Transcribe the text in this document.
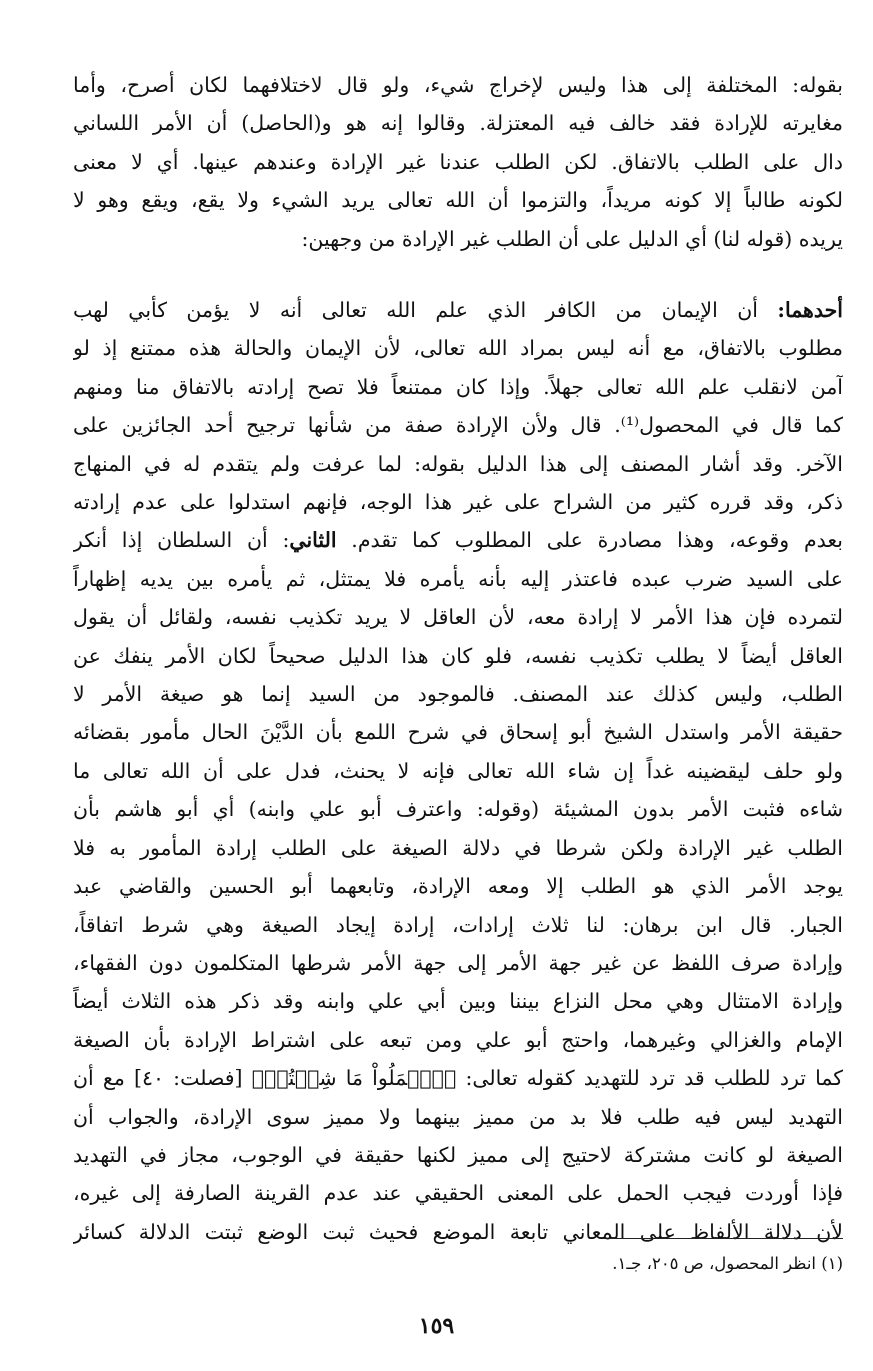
بقوله: المختلفة إلى هذا وليس لإخراج شيء، ولو قال لاختلافهما لكان أصرح، وأما
مغايرته للإرادة فقد خالف فيه المعتزلة. وقالوا إنه هو و(الحاصل) أن الأمر اللساني
دال على الطلب بالاتفاق. لكن الطلب عندنا غير الإرادة وعندهم عينها. أي لا معنى
لكونه طالباً إلا كونه مريداً، والتزموا أن الله تعالى يريد الشيء ولا يقع، ويقع وهو لا
يريده (قوله لنا) أي الدليل على أن الطلب غير الإرادة من وجهين:
أحدهما: أن الإيمان من الكافر الذي علم الله تعالى أنه لا يؤمن كأبي لهب
مطلوب بالاتفاق، مع أنه ليس بمراد الله تعالى، لأن الإيمان والحالة هذه ممتنع إذ لو
آمن لانقلب علم الله تعالى جهلاً. وإذا كان ممتنعاً فلا تصح إرادته بالاتفاق منا ومنهم
كما قال في المحصول⁽¹⁾. قال ولأن الإرادة صفة من شأنها ترجيح أحد الجائزين على
الآخر. وقد أشار المصنف إلى هذا الدليل بقوله: لما عرفت ولم يتقدم له في المنهاج
ذكر، وقد قرره كثير من الشراح على غير هذا الوجه، فإنهم استدلوا على عدم إرادته
بعدم وقوعه، وهذا مصادرة على المطلوب كما تقدم. الثاني: أن السلطان إذا أنكر
على السيد ضرب عبده فاعتذر إليه بأنه يأمره فلا يمتثل، ثم يأمره بين يديه إظهاراً
لتمرده فإن هذا الأمر لا إرادة معه، لأن العاقل لا يريد تكذيب نفسه، ولقائل أن يقول
العاقل أيضاً لا يطلب تكذيب نفسه، فلو كان هذا الدليل صحيحاً لكان الأمر ينفك عن
الطلب، وليس كذلك عند المصنف. فالموجود من السيد إنما هو صيغة الأمر لا
حقيقة الأمر واستدل الشيخ أبو إسحاق في شرح اللمع بأن الدَّيْنَ الحال مأمور بقضائه
ولو حلف ليقضينه غداً إن شاء الله تعالى فإنه لا يحنث، فدل على أن الله تعالى ما
شاءه فثبت الأمر بدون المشيئة (وقوله: واعترف أبو علي وابنه) أي أبو هاشم بأن
الطلب غير الإرادة ولكن شرطا في دلالة الصيغة على الطلب إرادة المأمور به فلا
يوجد الأمر الذي هو الطلب إلا ومعه الإرادة، وتابعهما أبو الحسين والقاضي عبد
الجبار. قال ابن برهان: لنا ثلاث إرادات، إرادة إيجاد الصيغة وهي شرط اتفاقاً،
وإرادة صرف اللفظ عن غير جهة الأمر إلى جهة الأمر شرطها المتكلمون دون الفقهاء،
وإرادة الامتثال وهي محل النزاع بيننا وبين أبي علي وابنه وقد ذكر هذه الثلاث أيضاً
الإمام والغزالي وغيرهما، واحتج أبو علي ومن تبعه على اشتراط الإرادة بأن الصيغة
كما ترد للطلب قد ترد للتهديد كقوله تعالى: ﴿ٱعۡمَلُواْ مَا شِئۡتُمۡ﴾ [فصلت: ٤٠] مع أن
التهديد ليس فيه طلب فلا بد من مميز بينهما ولا مميز سوى الإرادة، والجواب أن
الصيغة لو كانت مشتركة لاحتيج إلى مميز لكنها حقيقة في الوجوب، مجاز في التهديد
فإذا أوردت فيجب الحمل على المعنى الحقيقي عند عدم القرينة الصارفة إلى غيره،
لأن دلالة الألفاظ على المعاني تابعة الموضع فحيث ثبت الوضع ثبتت الدلالة كسائر
(١) انظر المحصول، ص ٢٠٥، جـ١.
١٥٩
